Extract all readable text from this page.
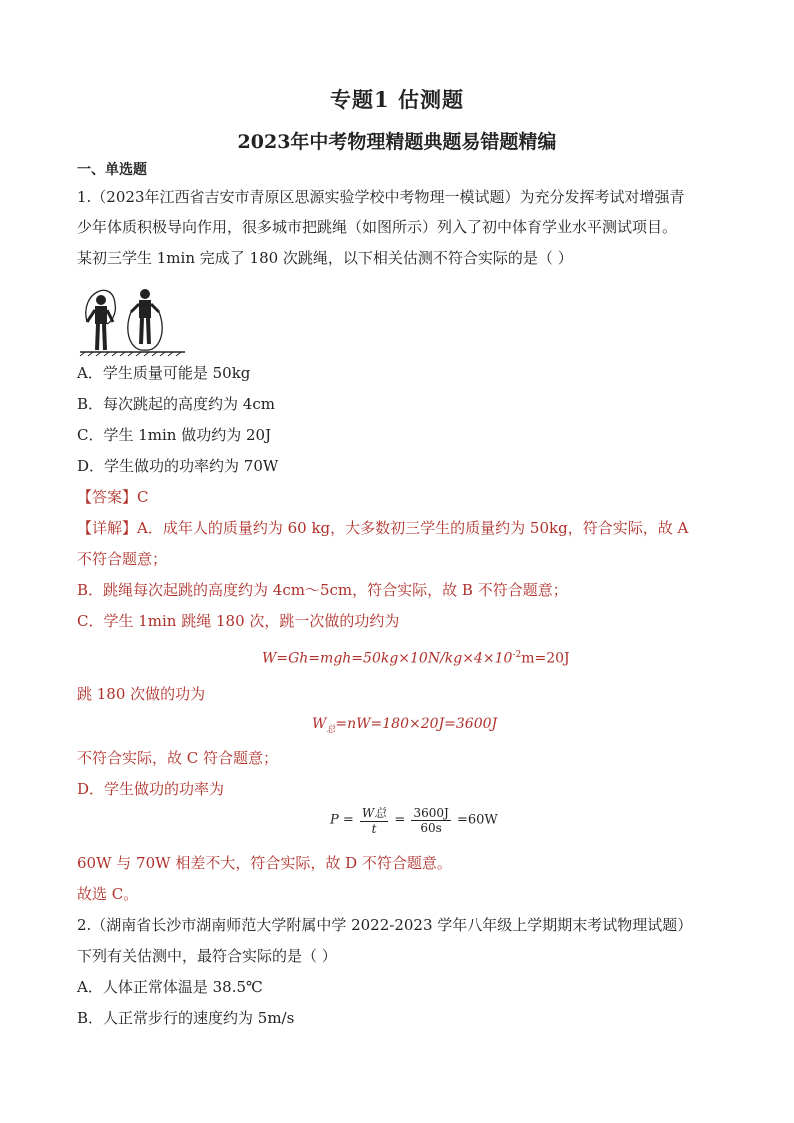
专题1 估测题
2023年中考物理精题典题易错题精编
一、单选题
1.（2023年江西省吉安市青原区思源实验学校中考物理一模试题）为充分发挥考试对增强青
少年体质积极导向作用，很多城市把跳绳（如图所示）列入了初中体育学业水平测试项目。
某初三学生 1min 完成了 180 次跳绳，以下相关估测不符合实际的是（ ）
A．学生质量可能是 50kg
B．每次跳起的高度约为 4cm
C．学生 1min 做功约为 20J
D．学生做功的功率约为 70W
【答案】C
【详解】A．成年人的质量约为 60 kg，大多数初三学生的质量约为 50kg，符合实际，故 A
不符合题意；
B．跳绳每次起跳的高度约为 4cm～5cm，符合实际，故 B 不符合题意；
C．学生 1min 跳绳 180 次，跳一次做的功约为
$W=Gh=mgh=50kg\times 10N/kg\times 4\times 10^{-2}m=20J$
跳 180 次做的功为
$W_总=nW=180\times 20J=3600J$
不符合实际，故 C 符合题意；
D．学生做功的功率为
$P = \frac{\text{W总}}{t} = \frac{3600J}{60s} =60W$
60W 与 70W 相差不大，符合实际，故 D 不符合题意。
故选 C。
2.（湖南省长沙市湖南师范大学附属中学 2022-2023 学年八年级上学期期末考试物理试题）
下列有关估测中，最符合实际的是（ ）
A．人体正常体温是 38.5℃
B．人正常步行的速度约为 5m/s
